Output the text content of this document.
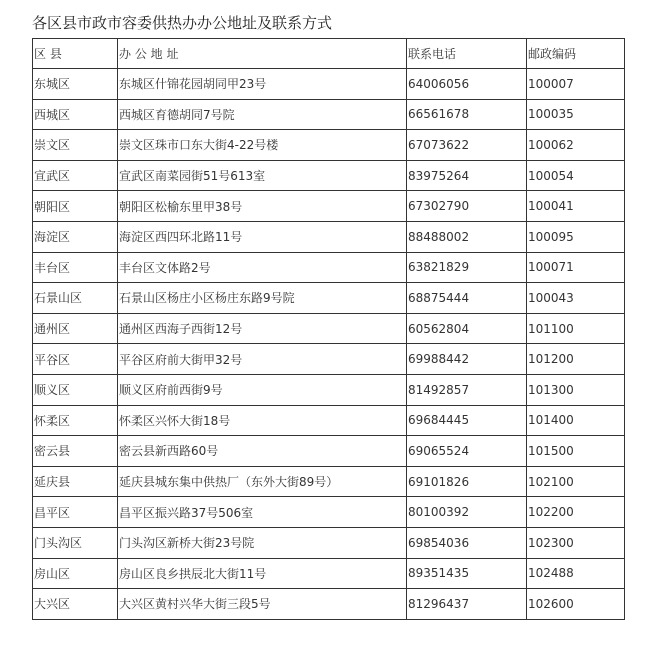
各区县市政市容委供热办办公地址及联系方式
区 县	办 公 地 址	联系电话	邮政编码
东城区	东城区什锦花园胡同甲23号	64006056	100007
西城区	西城区育德胡同7号院	66561678	100035
崇文区	崇文区珠市口东大街4-22号楼	67073622	100062
宣武区	宣武区南菜园街51号613室	83975264	100054
朝阳区	朝阳区松榆东里甲38号	67302790	100041
海淀区	海淀区西四环北路11号	88488002	100095
丰台区	丰台区文体路2号	63821829	100071
石景山区	石景山区杨庄小区杨庄东路9号院	68875444	100043
通州区	通州区西海子西街12号	60562804	101100
平谷区	平谷区府前大街甲32号	69988442	101200
顺义区	顺义区府前西街9号	81492857	101300
怀柔区	怀柔区兴怀大街18号	69684445	101400
密云县	密云县新西路60号	69065524	101500
延庆县	延庆县城东集中供热厂（东外大街89号）	69101826	102100
昌平区	昌平区振兴路37号506室	80100392	102200
门头沟区	门头沟区新桥大街23号院	69854036	102300
房山区	房山区良乡拱辰北大街11号	89351435	102488
大兴区	大兴区黄村兴华大街三段5号	81296437	102600
